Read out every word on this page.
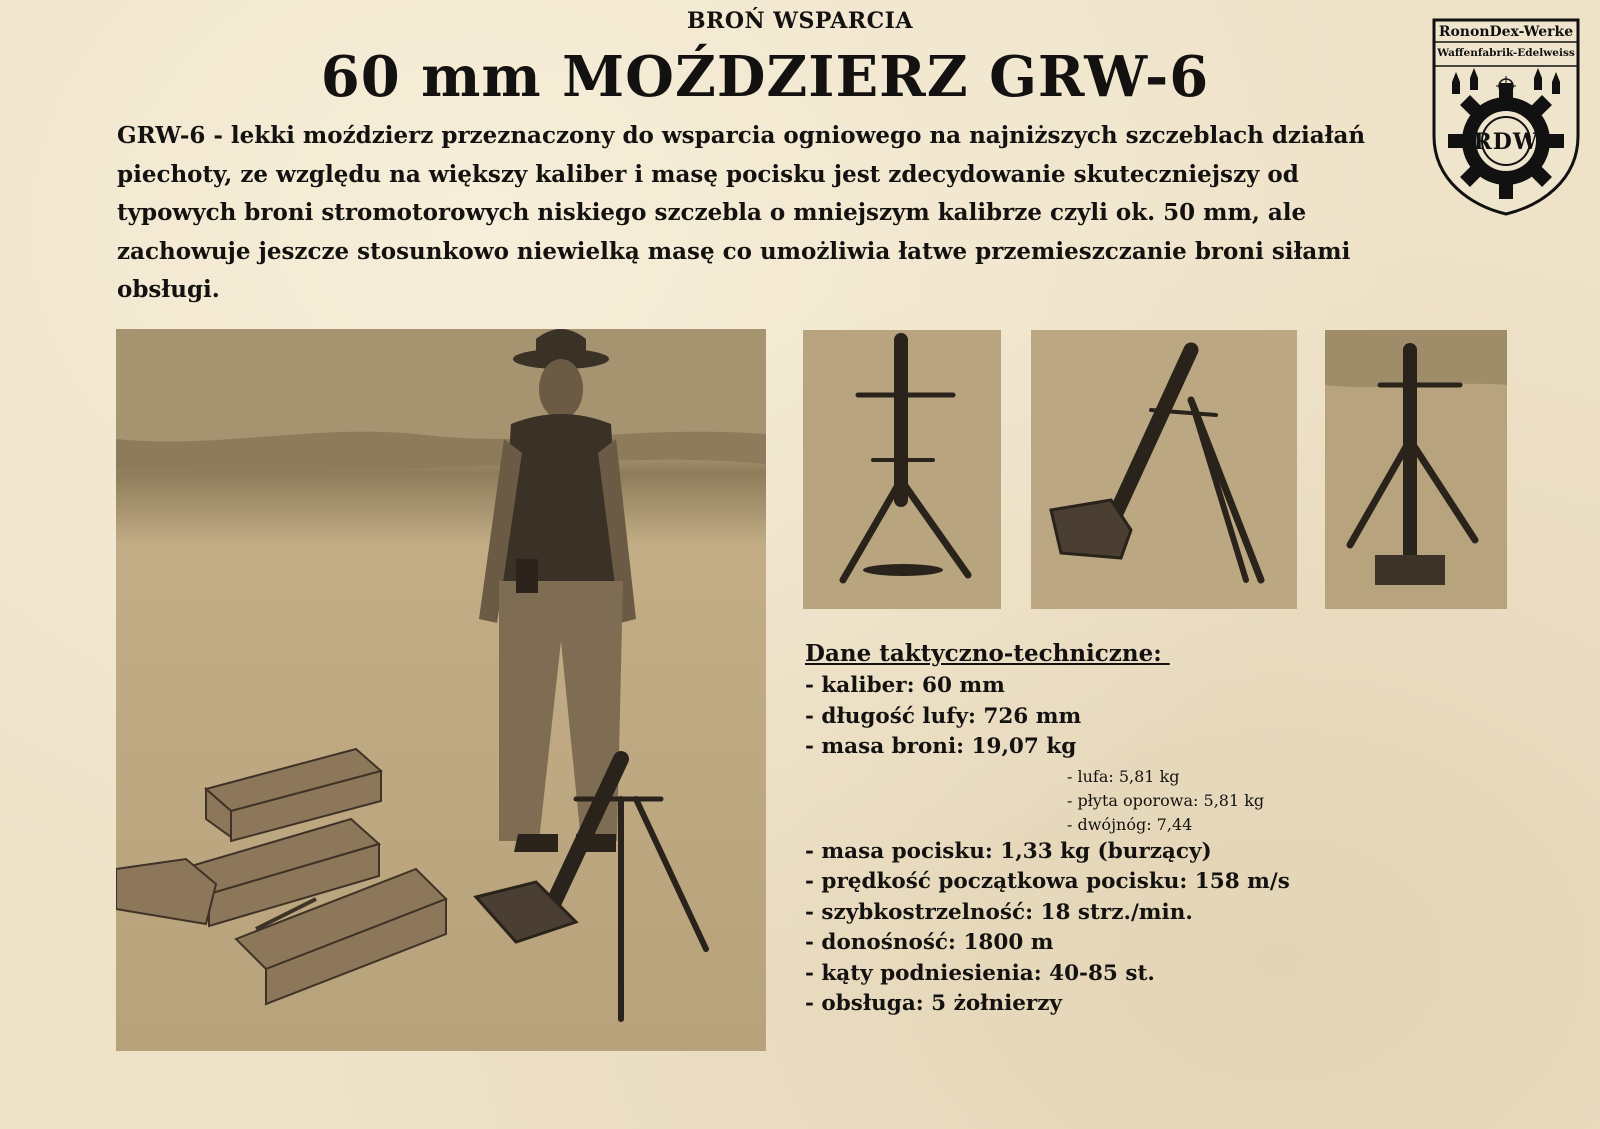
BROŃ WSPARCIA
60 mm MOŹDZIERZ GRW-6

GRW-6 - lekki moździerz przeznaczony do wsparcia ogniowego na najniższych szczeblach działań piechoty, ze względu na większy kaliber i masę pocisku jest zdecydowanie skuteczniejszy od typowych broni stromotorowych niskiego szczebla o mniejszym kalibrze czyli ok. 50 mm, ale zachowuje jeszcze stosunkowo niewielką masę co umożliwia łatwe przemieszczanie broni siłami obsługi.

RononDex-Werke
Waffenfabrik-Edelweiss
RDW
Dane taktyczno-techniczne:
- kaliber: 60 mm
- długość lufy: 726 mm
- masa broni: 19,07 kg
- lufa: 5,81 kg
- płyta oporowa: 5,81 kg
- dwójnóg: 7,44
- masa pocisku: 1,33 kg (burzący)
- prędkość początkowa pocisku: 158 m/s
- szybkostrzelność: 18 strz./min.
- donośność: 1800 m
- kąty podniesienia: 40-85 st.
- obsługa: 5 żołnierzy
